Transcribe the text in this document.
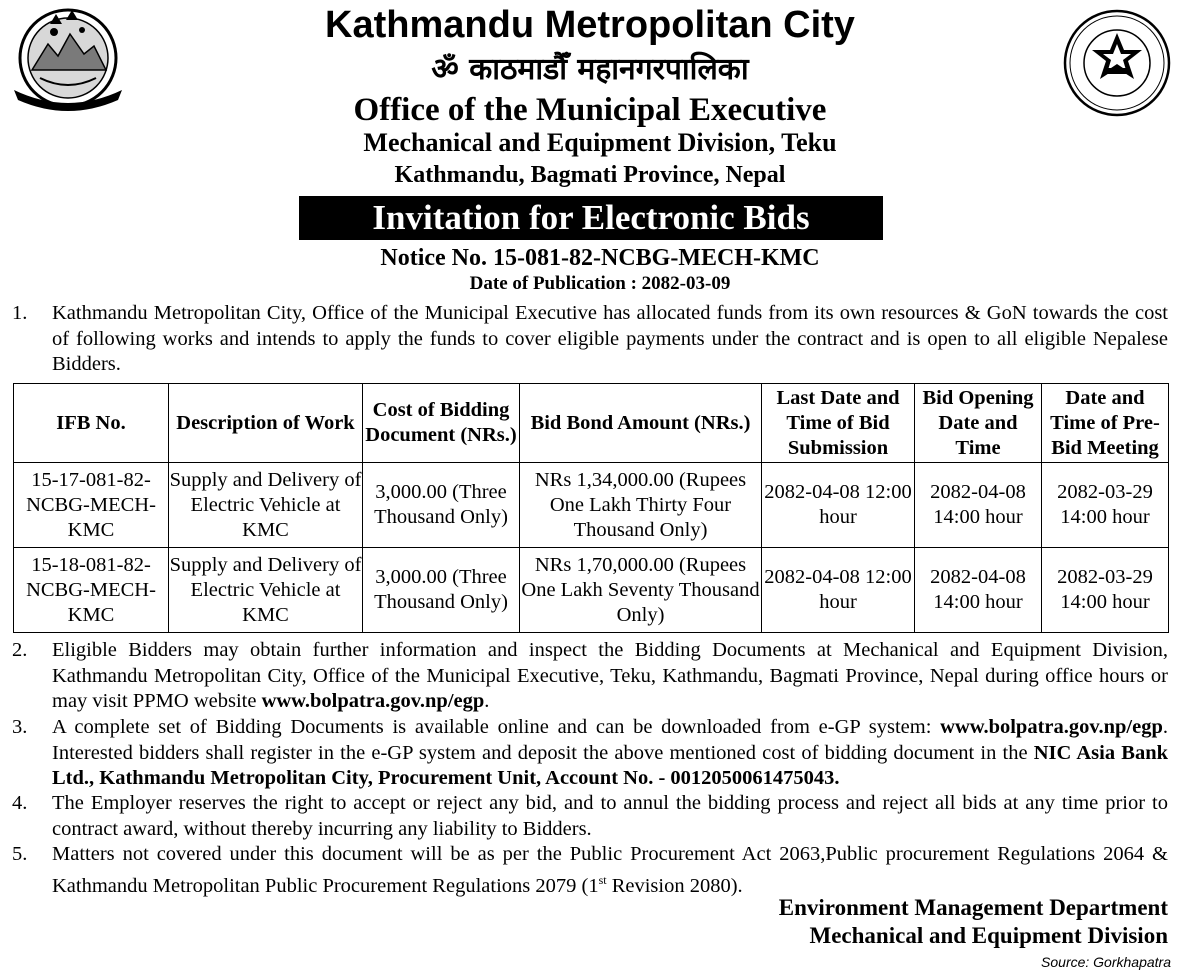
Kathmandu Metropolitan City
ॐ काठमाडौँ महानगरपालिका
Office of the Municipal Executive
Mechanical and Equipment Division, Teku
Kathmandu, Bagmati Province, Nepal
Invitation for Electronic Bids
Notice No. 15-081-82-NCBG-MECH-KMC
Date of Publication : 2082-03-09
1.	Kathmandu Metropolitan City, Office of the Municipal Executive has allocated funds from its own resources & GoN towards the cost of following works and intends to apply the funds to cover eligible payments under the contract and is open to all eligible Nepalese Bidders.
IFB No.	Description of Work	Cost of Bidding Document (NRs.)	Bid Bond Amount (NRs.)	Last Date and Time of Bid Submission	Bid Opening Date and Time	Date and Time of Pre-Bid Meeting
15-17-081-82-NCBG-MECH-KMC	Supply and Delivery of Electric Vehicle at KMC	3,000.00 (Three Thousand Only)	NRs 1,34,000.00 (Rupees One Lakh Thirty Four Thousand Only)	2082-04-08 12:00 hour	2082-04-08 14:00 hour	2082-03-29 14:00 hour
15-18-081-82-NCBG-MECH-KMC	Supply and Delivery of Electric Vehicle at KMC	3,000.00 (Three Thousand Only)	NRs 1,70,000.00 (Rupees One Lakh Seventy Thousand Only)	2082-04-08 12:00 hour	2082-04-08 14:00 hour	2082-03-29 14:00 hour
2.	Eligible Bidders may obtain further information and inspect the Bidding Documents at Mechanical and Equipment Division, Kathmandu Metropolitan City, Office of the Municipal Executive, Teku, Kathmandu, Bagmati Province, Nepal during office hours or may visit PPMO website www.bolpatra.gov.np/egp.
3.	A complete set of Bidding Documents is available online and can be downloaded from e-GP system: www.bolpatra.gov.np/egp. Interested bidders shall register in the e-GP system and deposit the above mentioned cost of bidding document in the NIC Asia Bank Ltd., Kathmandu Metropolitan City, Procurement Unit, Account No. - 0012050061475043.
4.	The Employer reserves the right to accept or reject any bid, and to annul the bidding process and reject all bids at any time prior to contract award, without thereby incurring any liability to Bidders.
5.	Matters not covered under this document will be as per the Public Procurement Act 2063,Public procurement Regulations 2064 & Kathmandu Metropolitan Public Procurement Regulations 2079 (1st Revision 2080).
Environment Management Department
Mechanical and Equipment Division
Source: Gorkhapatra
